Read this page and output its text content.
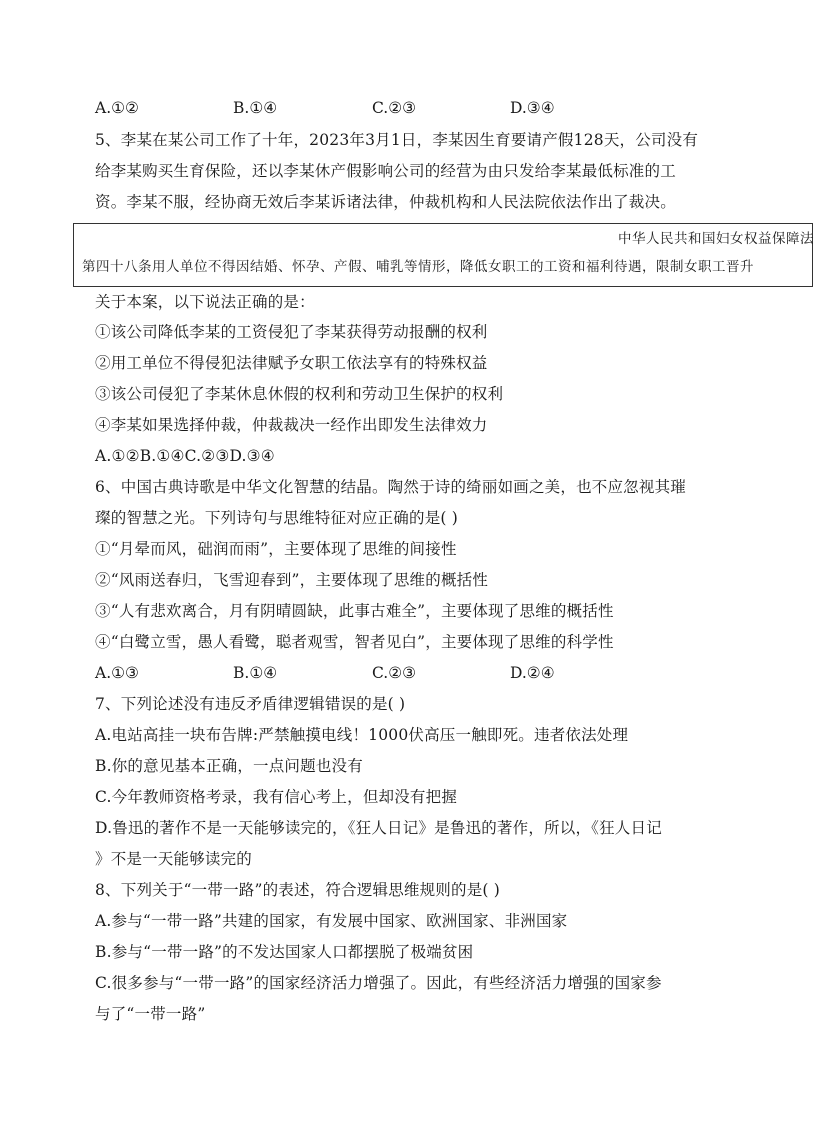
A.①②	B.①④	C.②③	D.③④
5、李某在某公司工作了十年，2023年3月1日，李某因生育要请产假128天，公司没有
给李某购买生育保险，还以李某休产假影响公司的经营为由只发给李某最低标准的工
资。李某不服，经协商无效后李某诉诸法律，仲裁机构和人民法院依法作出了裁决。
中华人民共和国妇女权益保障法
第四十八条用人单位不得因结婚、怀孕、产假、哺乳等情形，降低女职工的工资和福利待遇，限制女职工晋升
关于本案，以下说法正确的是：
①该公司降低李某的工资侵犯了李某获得劳动报酬的权利
②用工单位不得侵犯法律赋予女职工依法享有的特殊权益
③该公司侵犯了李某休息休假的权利和劳动卫生保护的权利
④李某如果选择仲裁，仲裁裁决一经作出即发生法律效力
A.①②B.①④C.②③D.③④
6、中国古典诗歌是中华文化智慧的结晶。陶然于诗的绮丽如画之美，也不应忽视其璀
璨的智慧之光。下列诗句与思维特征对应正确的是( )
①“月晕而风，础润而雨”，主要体现了思维的间接性
②“风雨送春归，飞雪迎春到”，主要体现了思维的概括性
③“人有悲欢离合，月有阴晴圆缺，此事古难全”，主要体现了思维的概括性
④“白鹭立雪，愚人看鹭，聪者观雪，智者见白”，主要体现了思维的科学性
A.①③	B.①④	C.②③	D.②④
7、下列论述没有违反矛盾律逻辑错误的是( )
A.电站高挂一块布告牌:严禁触摸电线！1000伏高压一触即死。违者依法处理
B.你的意见基本正确，一点问题也没有
C.今年教师资格考录，我有信心考上，但却没有把握
D.鲁迅的著作不是一天能够读完的，《狂人日记》是鲁迅的著作，所以，《狂人日记
》不是一天能够读完的
8、下列关于“一带一路”的表述，符合逻辑思维规则的是( )
A.参与“一带一路”共建的国家，有发展中国家、欧洲国家、非洲国家
B.参与“一带一路”的不发达国家人口都摆脱了极端贫困
C.很多参与“一带一路”的国家经济活力增强了。因此，有些经济活力增强的国家参
与了“一带一路”
